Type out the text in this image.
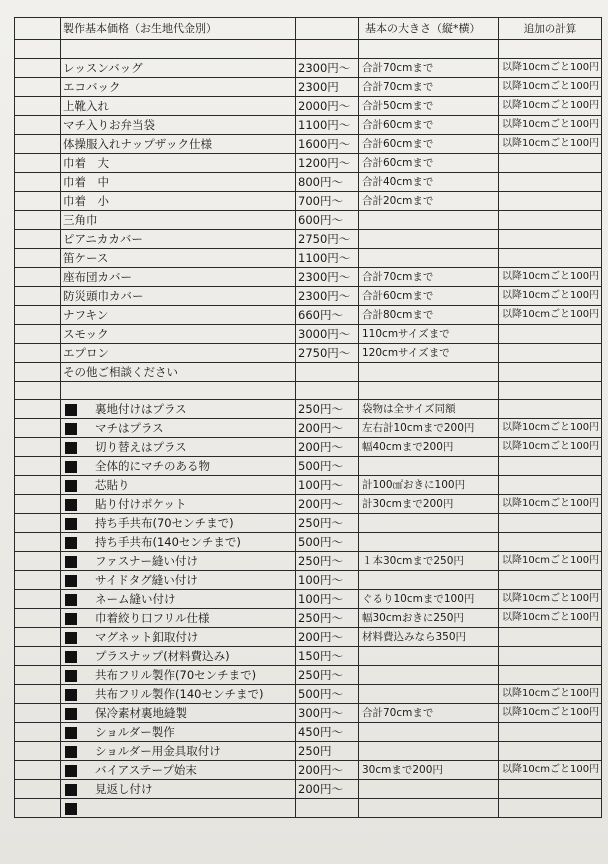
	製作基本価格（お生地代金別）		基本の大きさ（縦*横）	追加の計算

	レッスンバッグ	2300円～	合計70cmまで	以降10cmごと100円
	エコバック	2300円	合計70cmまで	以降10cmごと100円
	上靴入れ	2000円～	合計50cmまで	以降10cmごと100円
	マチ入りお弁当袋	1100円～	合計60cmまで	以降10cmごと100円
	体操服入れナップザック仕様	1600円～	合計60cmまで	以降10cmごと100円
	巾着　大	1200円～	合計60cmまで	
	巾着　中	800円～	合計40cmまで	
	巾着　小	700円～	合計20cmまで	
	三角巾	600円～		
	ピアニカカバー	2750円～		
	笛ケース	1100円～		
	座布団カバー	2300円～	合計70cmまで	以降10cmごと100円
	防災頭巾カバー	2300円～	合計60cmまで	以降10cmごと100円
	ナフキン	660円～	合計80cmまで	以降10cmごと100円
	スモック	3000円～	110cmサイズまで	
	エプロン	2750円～	120cmサイズまで	
	その他ご相談ください			

	裏地付けはプラス	250円～	袋物は全サイズ同額	
	マチはプラス	200円～	左右計10cmまで200円	以降10cmごと100円
	切り替えはプラス	200円～	幅40cmまで200円	以降10cmごと100円
	全体的にマチのある物	500円～		
	芯貼り	100円～	計100㎠おきに100円	
	貼り付けポケット	200円～	計30cmまで200円	以降10cmごと100円
	持ち手共布(70センチまで)	250円～		
	持ち手共布(140センチまで)	500円～		
	ファスナー縫い付け	250円～	１本30cmまで250円	以降10cmごと100円
	サイドタグ縫い付け	100円～		
	ネーム縫い付け	100円～	ぐるり10cmまで100円	以降10cmごと100円
	巾着絞り口フリル仕様	250円～	幅30cmおきに250円	以降10cmごと100円
	マグネット釦取付け	200円～	材料費込みなら350円	
	プラスナップ(材料費込み)	150円～		
	共布フリル製作(70センチまで)	250円～		
	共布フリル製作(140センチまで)	500円～		以降10cmごと100円
	保冷素材裏地縫製	300円～	合計70cmまで	以降10cmごと100円
	ショルダー製作	450円～		
	ショルダー用金具取付け	250円		
	バイアステープ始末	200円～	30cmまで200円	以降10cmごと100円
	見返し付け	200円～		
